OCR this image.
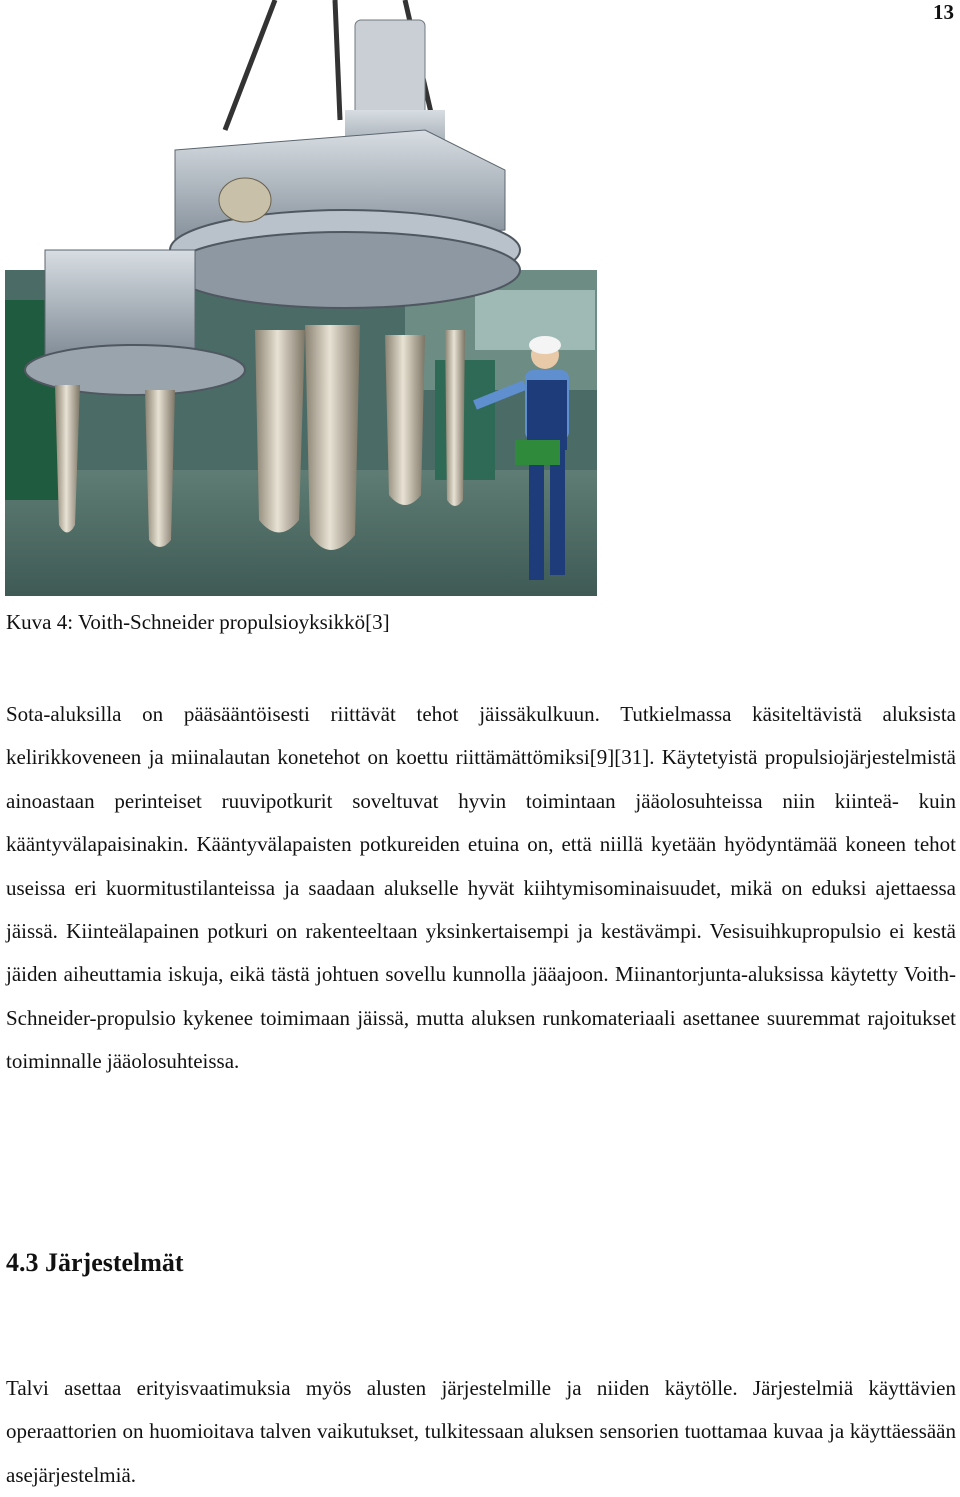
13
Kuva 4: Voith-Schneider propulsioyksikkö[3]

Sota-aluksilla on pääsääntöisesti riittävät tehot jäissäkulkuun. Tutkielmassa käsiteltävistä aluksista kelirikkoveneen ja miinalautan konetehot on koettu riittämättömiksi[9][31]. Käytetyistä propulsiojärjestelmistä ainoastaan perinteiset ruuvipotkurit soveltuvat hyvin toimintaan jääolosuhteissa niin kiinteä- kuin kääntyvälapaisinakin. Kääntyvälapaisten potkureiden etuina on, että niillä kyetään hyödyntämää koneen tehot useissa eri kuormitustilanteissa ja saadaan alukselle hyvät kiihtymisominaisuudet, mikä on eduksi ajettaessa jäissä. Kiinteälapainen potkuri on rakenteeltaan yksinkertaisempi ja kestävämpi. Vesisuihkupropulsio ei kestä jäiden aiheuttamia iskuja, eikä tästä johtuen sovellu kunnolla jääajoon. Miinantorjunta-aluksissa käytetty Voith-Schneider-propulsio kykenee toimimaan jäissä, mutta aluksen runkomateriaali asettanee suuremmat rajoitukset toiminnalle jääolosuhteissa.

4.3 Järjestelmät

Talvi asettaa erityisvaatimuksia myös alusten järjestelmille ja niiden käytölle. Järjestelmiä käyttävien operaattorien on huomioitava talven vaikutukset, tulkitessaan aluksen sensorien tuottamaa kuvaa ja käyttäessään asejärjestelmiä.
